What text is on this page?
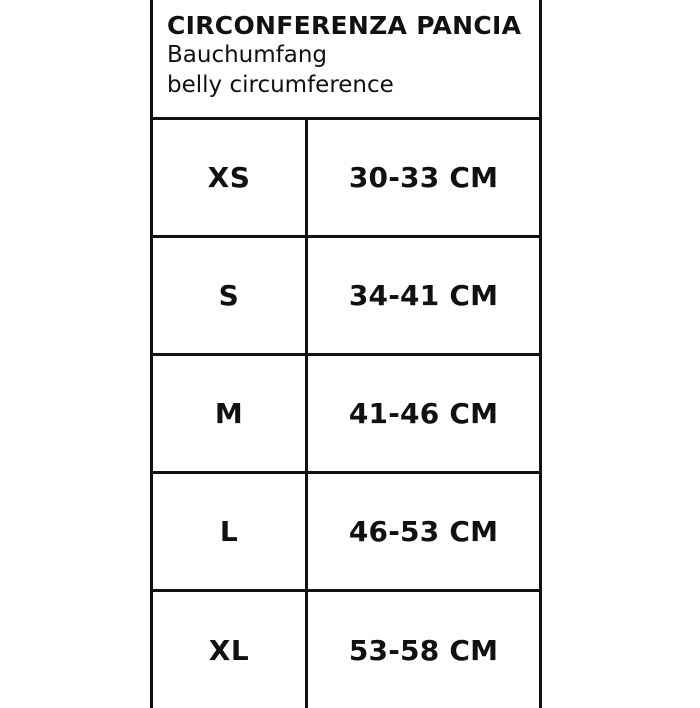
CIRCONFERENZA PANCIA
Bauchumfang
belly circumference
XS	30-33 CM
S	34-41 CM
M	41-46 CM
L	46-53 CM
XL	53-58 CM
